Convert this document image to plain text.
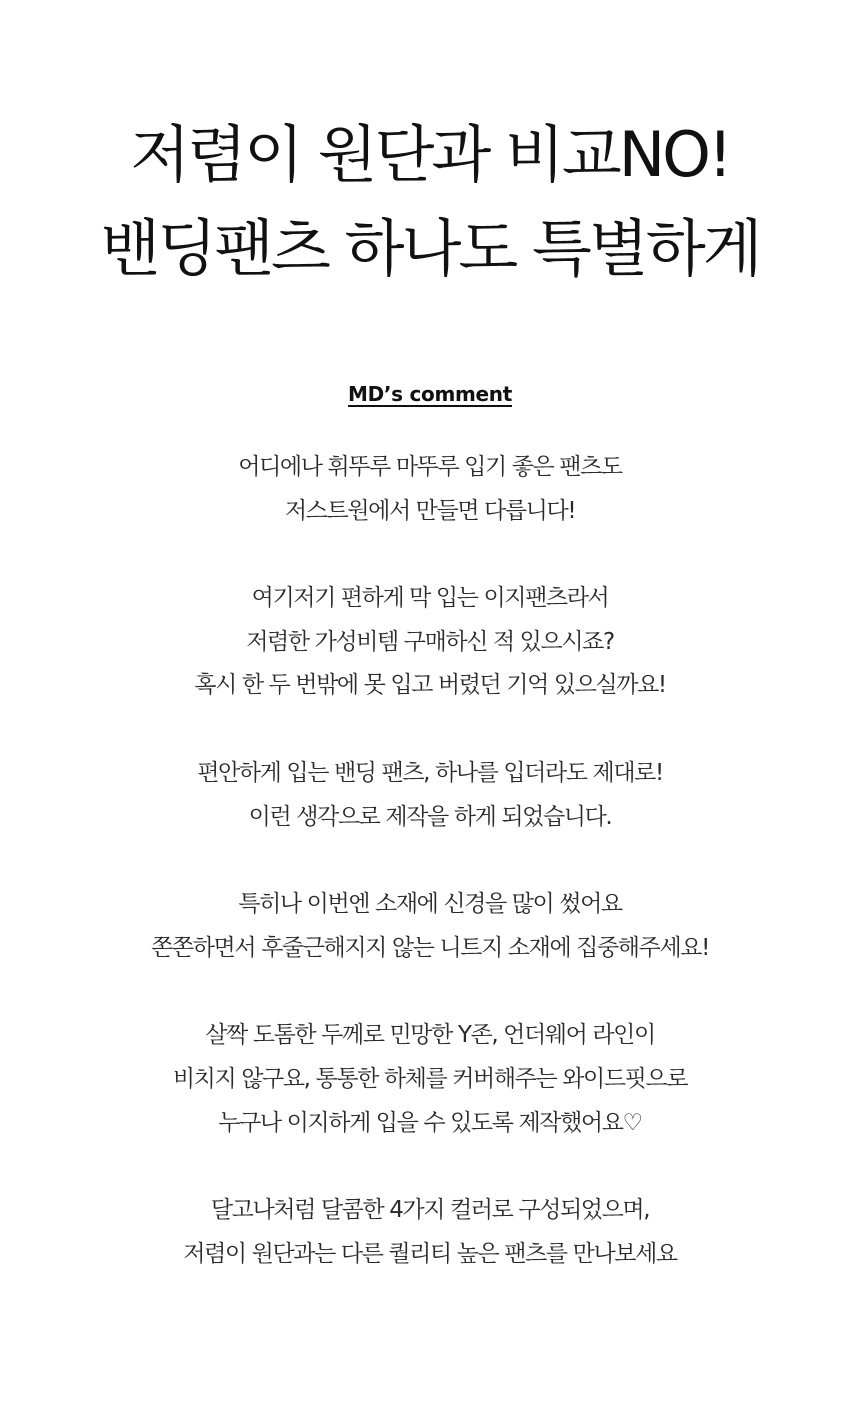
저렴이 원단과 비교NO!
밴딩팬츠 하나도 특별하게
MD’s comment
어디에나 휘뚜루 마뚜루 입기 좋은 팬츠도
저스트원에서 만들면 다릅니다!
여기저기 편하게 막 입는 이지팬츠라서
저렴한 가성비템 구매하신 적 있으시죠?
혹시 한 두 번밖에 못 입고 버렸던 기억 있으실까요!
편안하게 입는 밴딩 팬츠, 하나를 입더라도 제대로!
이런 생각으로 제작을 하게 되었습니다.
특히나 이번엔 소재에 신경을 많이 썼어요
쫀쫀하면서 후줄근해지지 않는 니트지 소재에 집중해주세요!
살짝 도톰한 두께로 민망한 Y존, 언더웨어 라인이
비치지 않구요, 통통한 하체를 커버해주는 와이드핏으로
누구나 이지하게 입을 수 있도록 제작했어요♡
달고나처럼 달콤한 4가지 컬러로 구성되었으며,
저렴이 원단과는 다른 퀄리티 높은 팬츠를 만나보세요
